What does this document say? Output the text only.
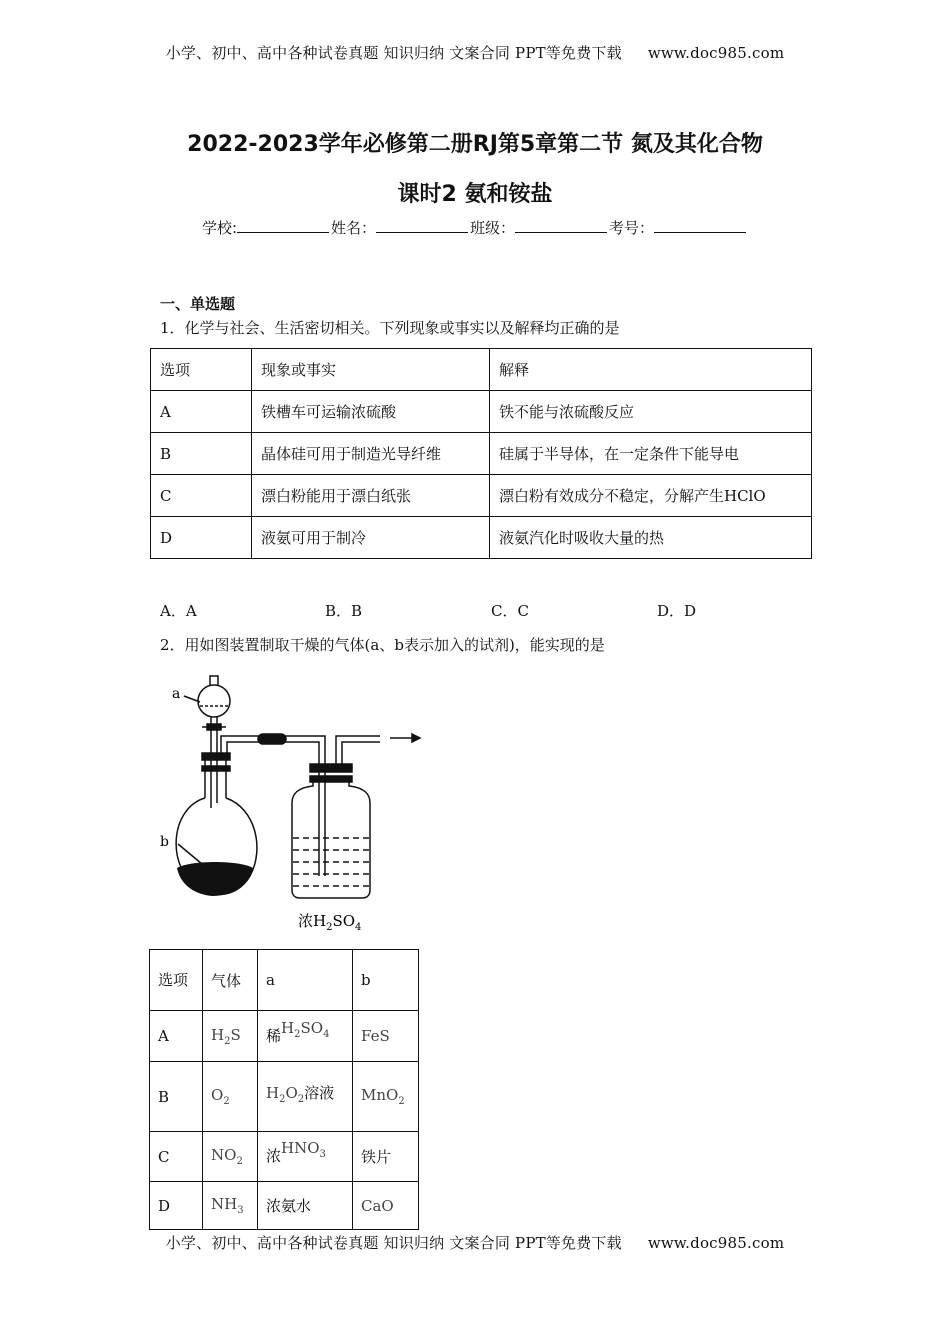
小学、初中、高中各种试卷真题 知识归纳 文案合同 PPT等免费下载 www.doc985.com
2022-2023学年必修第二册RJ第5章第二节 氮及其化合物
课时2 氨和铵盐
学校:	姓名：	班级：	考号：
一、单选题
1．化学与社会、生活密切相关。下列现象或事实以及解释均正确的是
选项	现象或事实	解释
A	铁槽车可运输浓硫酸	铁不能与浓硫酸反应
B	晶体硅可用于制造光导纤维	硅属于半导体，在一定条件下能导电
C	漂白粉能用于漂白纸张	漂白粉有效成分不稳定，分解产生HClO
D	液氨可用于制冷	液氨汽化时吸收大量的热
A．A	B．B	C．C	D．D
2．用如图装置制取干燥的气体(a、b表示加入的试剂)，能实现的是
a
b
浓$H_2SO_4$
选项	气体	a	b
A	$H_2S$	稀$H_2SO_4$	FeS
B	$O_2$	$H_2O_2$溶液	MnO$_2$
C	$NO_2$	浓$HNO_3$	铁片
D	$NH_3$	浓氨水	CaO
小学、初中、高中各种试卷真题 知识归纳 文案合同 PPT等免费下载 www.doc985.com
